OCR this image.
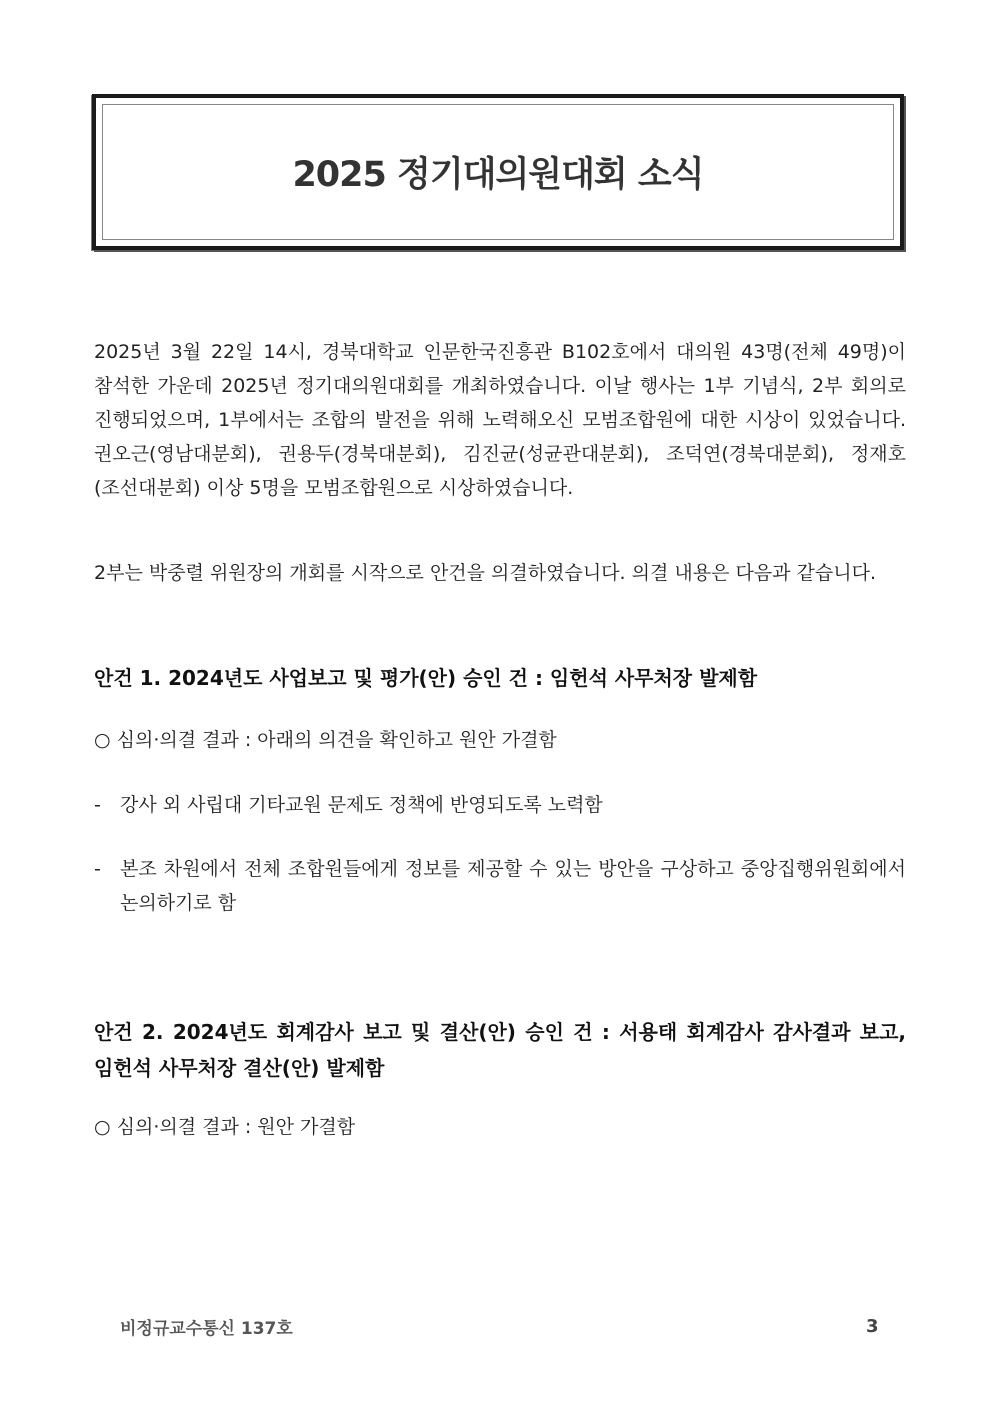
2025 정기대의원대회 소식

2025년 3월 22일 14시, 경북대학교 인문한국진흥관 B102호에서 대의원 43명(전체 49명)이 참석한 가운데 2025년 정기대의원대회를 개최하였습니다. 이날 행사는 1부 기념식, 2부 회의로 진행되었으며, 1부에서는 조합의 발전을 위해 노력해오신 모범조합원에 대한 시상이 있었습니다. 권오근(영남대분회), 권용두(경북대분회), 김진균(성균관대분회), 조덕연(경북대분회), 정재호(조선대분회) 이상 5명을 모범조합원으로 시상하였습니다.

2부는 박중렬 위원장의 개회를 시작으로 안건을 의결하였습니다. 의결 내용은 다음과 같습니다.

안건 1. 2024년도 사업보고 및 평가(안) 승인 건 : 임헌석 사무처장 발제함

○ 심의·의결 결과 : 아래의 의견을 확인하고 원안 가결함

-	강사 외 사립대 기타교원 문제도 정책에 반영되도록 노력함
-	본조 차원에서 전체 조합원들에게 정보를 제공할 수 있는 방안을 구상하고 중앙집행위원회에서 논의하기로 함
안건 2. 2024년도 회계감사 보고 및 결산(안) 승인 건 : 서용태 회계감사 감사결과 보고, 임헌석 사무처장 결산(안) 발제함

○ 심의·의결 결과 : 원안 가결함

비정규교수통신 137호	3
